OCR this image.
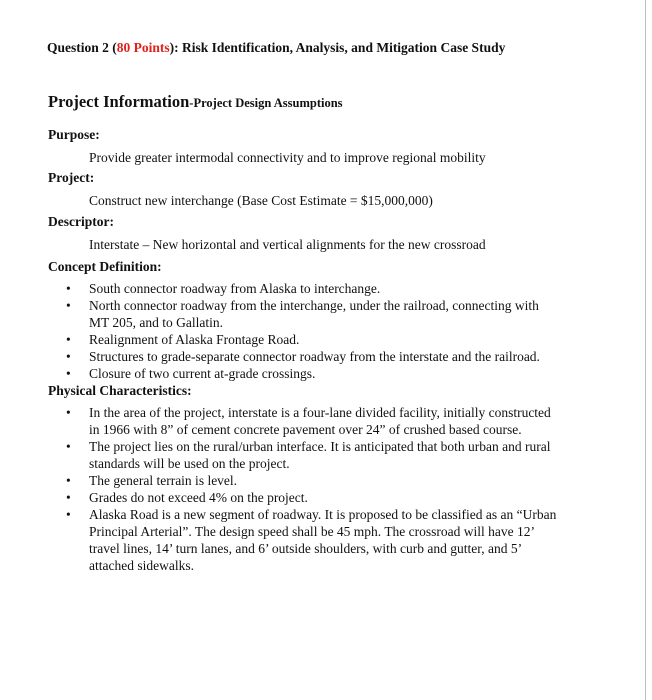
Question 2 (80 Points): Risk Identification, Analysis, and Mitigation Case Study
Project Information-Project Design Assumptions
Purpose:
Provide greater intermodal connectivity and to improve regional mobility
Project:
Construct new interchange (Base Cost Estimate = $15,000,000)
Descriptor:
Interstate – New horizontal and vertical alignments for the new crossroad
Concept Definition:
• South connector roadway from Alaska to interchange.
• North connector roadway from the interchange, under the railroad, connecting with MT 205, and to Gallatin.
• Realignment of Alaska Frontage Road.
• Structures to grade-separate connector roadway from the interstate and the railroad.
• Closure of two current at-grade crossings.
Physical Characteristics:
• In the area of the project, interstate is a four-lane divided facility, initially constructed in 1966 with 8” of cement concrete pavement over 24” of crushed based course.
• The project lies on the rural/urban interface. It is anticipated that both urban and rural standards will be used on the project.
• The general terrain is level.
• Grades do not exceed 4% on the project.
• Alaska Road is a new segment of roadway. It is proposed to be classified as an “Urban Principal Arterial”. The design speed shall be 45 mph. The crossroad will have 12’ travel lines, 14’ turn lanes, and 6’ outside shoulders, with curb and gutter, and 5’ attached sidewalks.
